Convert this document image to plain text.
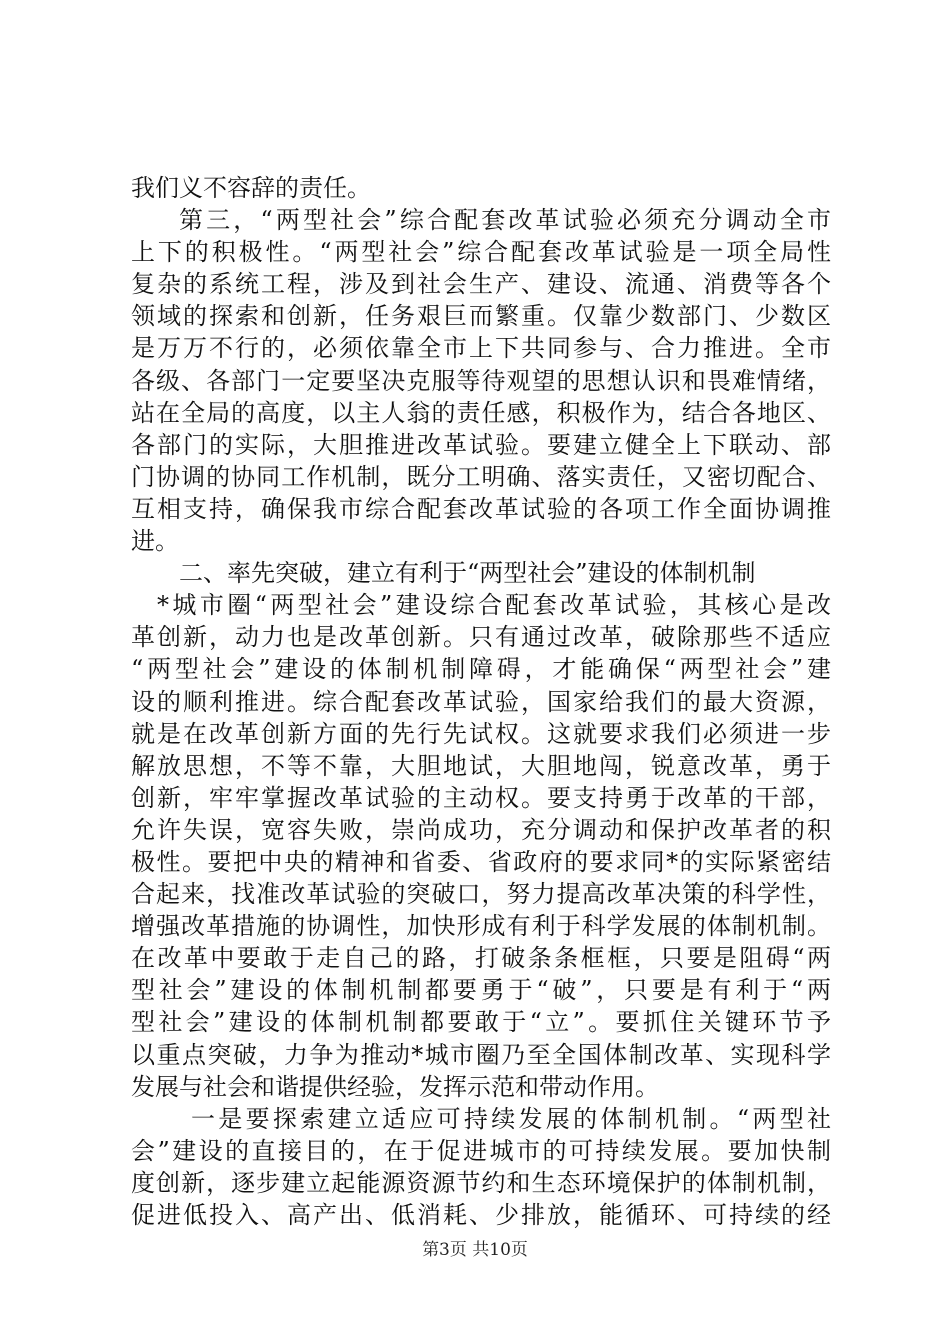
我们义不容辞的责任。
第三，“两型社会”综合配套改革试验必须充分调动全市
上下的积极性。“两型社会”综合配套改革试验是一项全局性
复杂的系统工程，涉及到社会生产、建设、流通、消费等各个
领域的探索和创新，任务艰巨而繁重。仅靠少数部门、少数区
是万万不行的，必须依靠全市上下共同参与、合力推进。全市
各级、各部门一定要坚决克服等待观望的思想认识和畏难情绪，
站在全局的高度，以主人翁的责任感，积极作为，结合各地区、
各部门的实际，大胆推进改革试验。要建立健全上下联动、部
门协调的协同工作机制，既分工明确、落实责任，又密切配合、
互相支持，确保我市综合配套改革试验的各项工作全面协调推
进。
二、率先突破，建立有利于“两型社会”建设的体制机制
*城市圈“两型社会”建设综合配套改革试验，其核心是改
革创新，动力也是改革创新。只有通过改革，破除那些不适应
“两型社会”建设的体制机制障碍，才能确保“两型社会”建
设的顺利推进。综合配套改革试验，国家给我们的最大资源，
就是在改革创新方面的先行先试权。这就要求我们必须进一步
解放思想，不等不靠，大胆地试，大胆地闯，锐意改革，勇于
创新，牢牢掌握改革试验的主动权。要支持勇于改革的干部，
允许失误，宽容失败，崇尚成功，充分调动和保护改革者的积
极性。要把中央的精神和省委、省政府的要求同*的实际紧密结
合起来，找准改革试验的突破口，努力提高改革决策的科学性，
增强改革措施的协调性，加快形成有利于科学发展的体制机制。
在改革中要敢于走自己的路，打破条条框框，只要是阻碍“两
型社会”建设的体制机制都要勇于“破”，只要是有利于“两
型社会”建设的体制机制都要敢于“立”。要抓住关键环节予
以重点突破，力争为推动*城市圈乃至全国体制改革、实现科学
发展与社会和谐提供经验，发挥示范和带动作用。
一是要探索建立适应可持续发展的体制机制。“两型社
会”建设的直接目的，在于促进城市的可持续发展。要加快制
度创新，逐步建立起能源资源节约和生态环境保护的体制机制，
促进低投入、高产出、低消耗、少排放，能循环、可持续的经
第3页 共10页
